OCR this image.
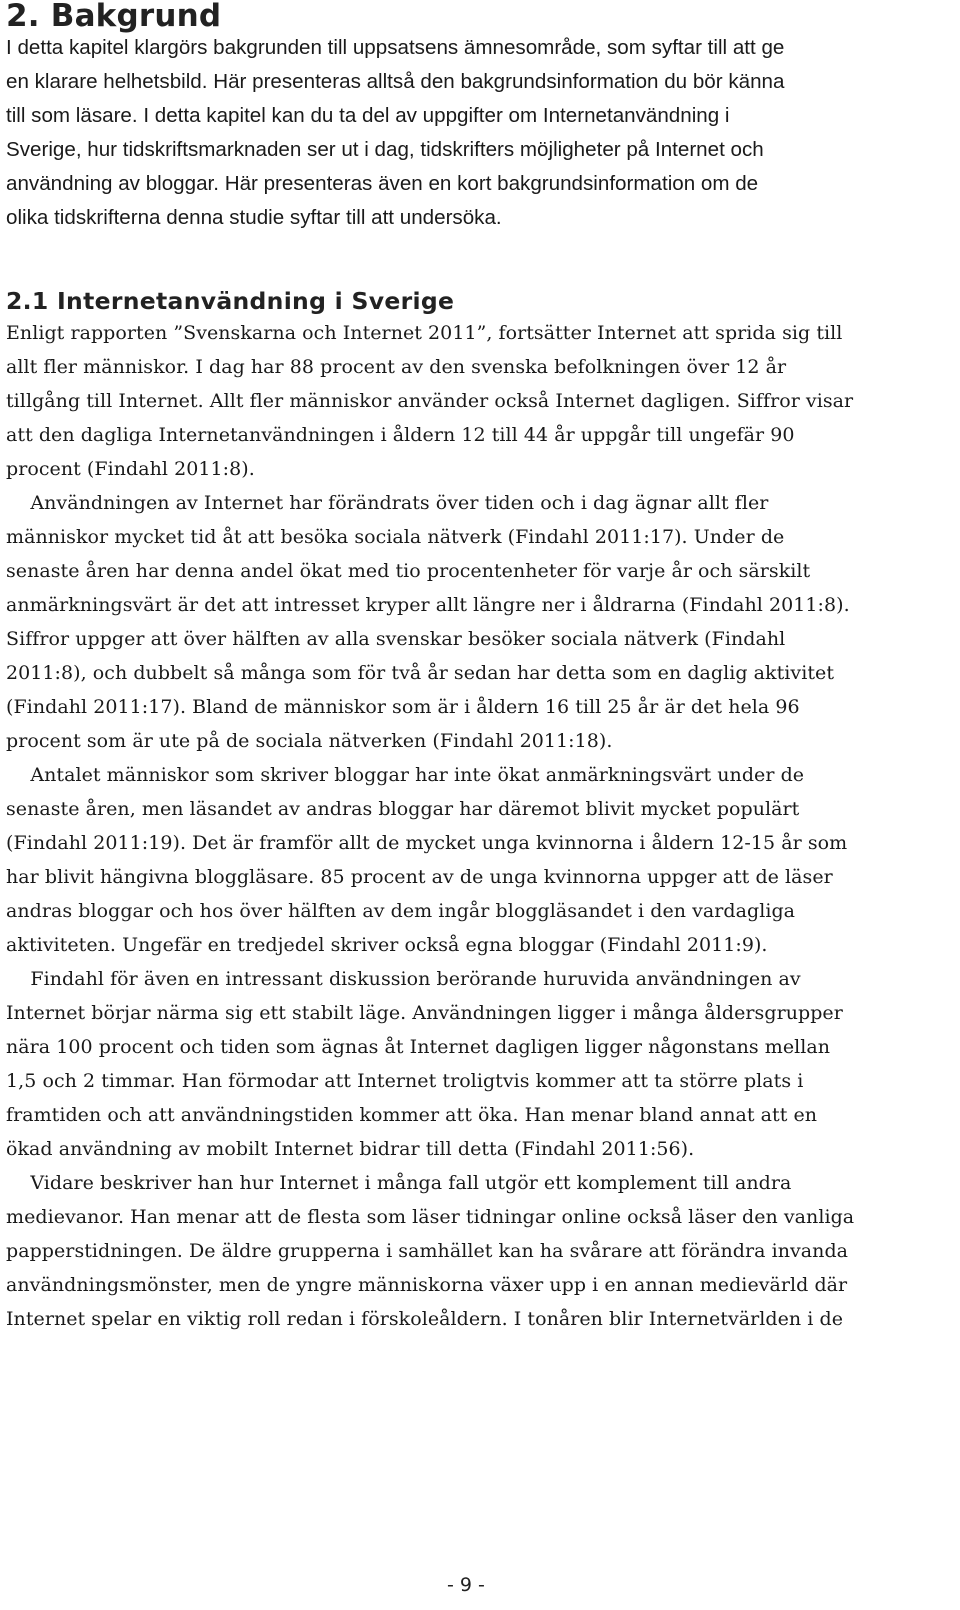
2. Bakgrund
I detta kapitel klargörs bakgrunden till uppsatsens ämnesområde, som syftar till att ge
en klarare helhetsbild. Här presenteras alltså den bakgrundsinformation du bör känna
till som läsare. I detta kapitel kan du ta del av uppgifter om Internetanvändning i
Sverige, hur tidskriftsmarknaden ser ut i dag, tidskrifters möjligheter på Internet och
användning av bloggar. Här presenteras även en kort bakgrundsinformation om de
olika tidskrifterna denna studie syftar till att undersöka.
2.1 Internetanvändning i Sverige
Enligt rapporten ”Svenskarna och Internet 2011”, fortsätter Internet att sprida sig till
allt fler människor. I dag har 88 procent av den svenska befolkningen över 12 år
tillgång till Internet. Allt fler människor använder också Internet dagligen. Siffror visar
att den dagliga Internetanvändningen i åldern 12 till 44 år uppgår till ungefär 90
procent (Findahl 2011:8).
Användningen av Internet har förändrats över tiden och i dag ägnar allt fler
människor mycket tid åt att besöka sociala nätverk (Findahl 2011:17). Under de
senaste åren har denna andel ökat med tio procentenheter för varje år och särskilt
anmärkningsvärt är det att intresset kryper allt längre ner i åldrarna (Findahl 2011:8).
Siffror uppger att över hälften av alla svenskar besöker sociala nätverk (Findahl
2011:8), och dubbelt så många som för två år sedan har detta som en daglig aktivitet
(Findahl 2011:17). Bland de människor som är i åldern 16 till 25 år är det hela 96
procent som är ute på de sociala nätverken (Findahl 2011:18).
Antalet människor som skriver bloggar har inte ökat anmärkningsvärt under de
senaste åren, men läsandet av andras bloggar har däremot blivit mycket populärt
(Findahl 2011:19). Det är framför allt de mycket unga kvinnorna i åldern 12-15 år som
har blivit hängivna bloggläsare. 85 procent av de unga kvinnorna uppger att de läser
andras bloggar och hos över hälften av dem ingår bloggläsandet i den vardagliga
aktiviteten. Ungefär en tredjedel skriver också egna bloggar (Findahl 2011:9).
Findahl för även en intressant diskussion berörande huruvida användningen av
Internet börjar närma sig ett stabilt läge. Användningen ligger i många åldersgrupper
nära 100 procent och tiden som ägnas åt Internet dagligen ligger någonstans mellan
1,5 och 2 timmar. Han förmodar att Internet troligtvis kommer att ta större plats i
framtiden och att användningstiden kommer att öka. Han menar bland annat att en
ökad användning av mobilt Internet bidrar till detta (Findahl 2011:56).
Vidare beskriver han hur Internet i många fall utgör ett komplement till andra
medievanor. Han menar att de flesta som läser tidningar online också läser den vanliga
papperstidningen. De äldre grupperna i samhället kan ha svårare att förändra invanda
användningsmönster, men de yngre människorna växer upp i en annan medievärld där
Internet spelar en viktig roll redan i förskoleåldern. I tonåren blir Internetvärlden i de
- 9 -
